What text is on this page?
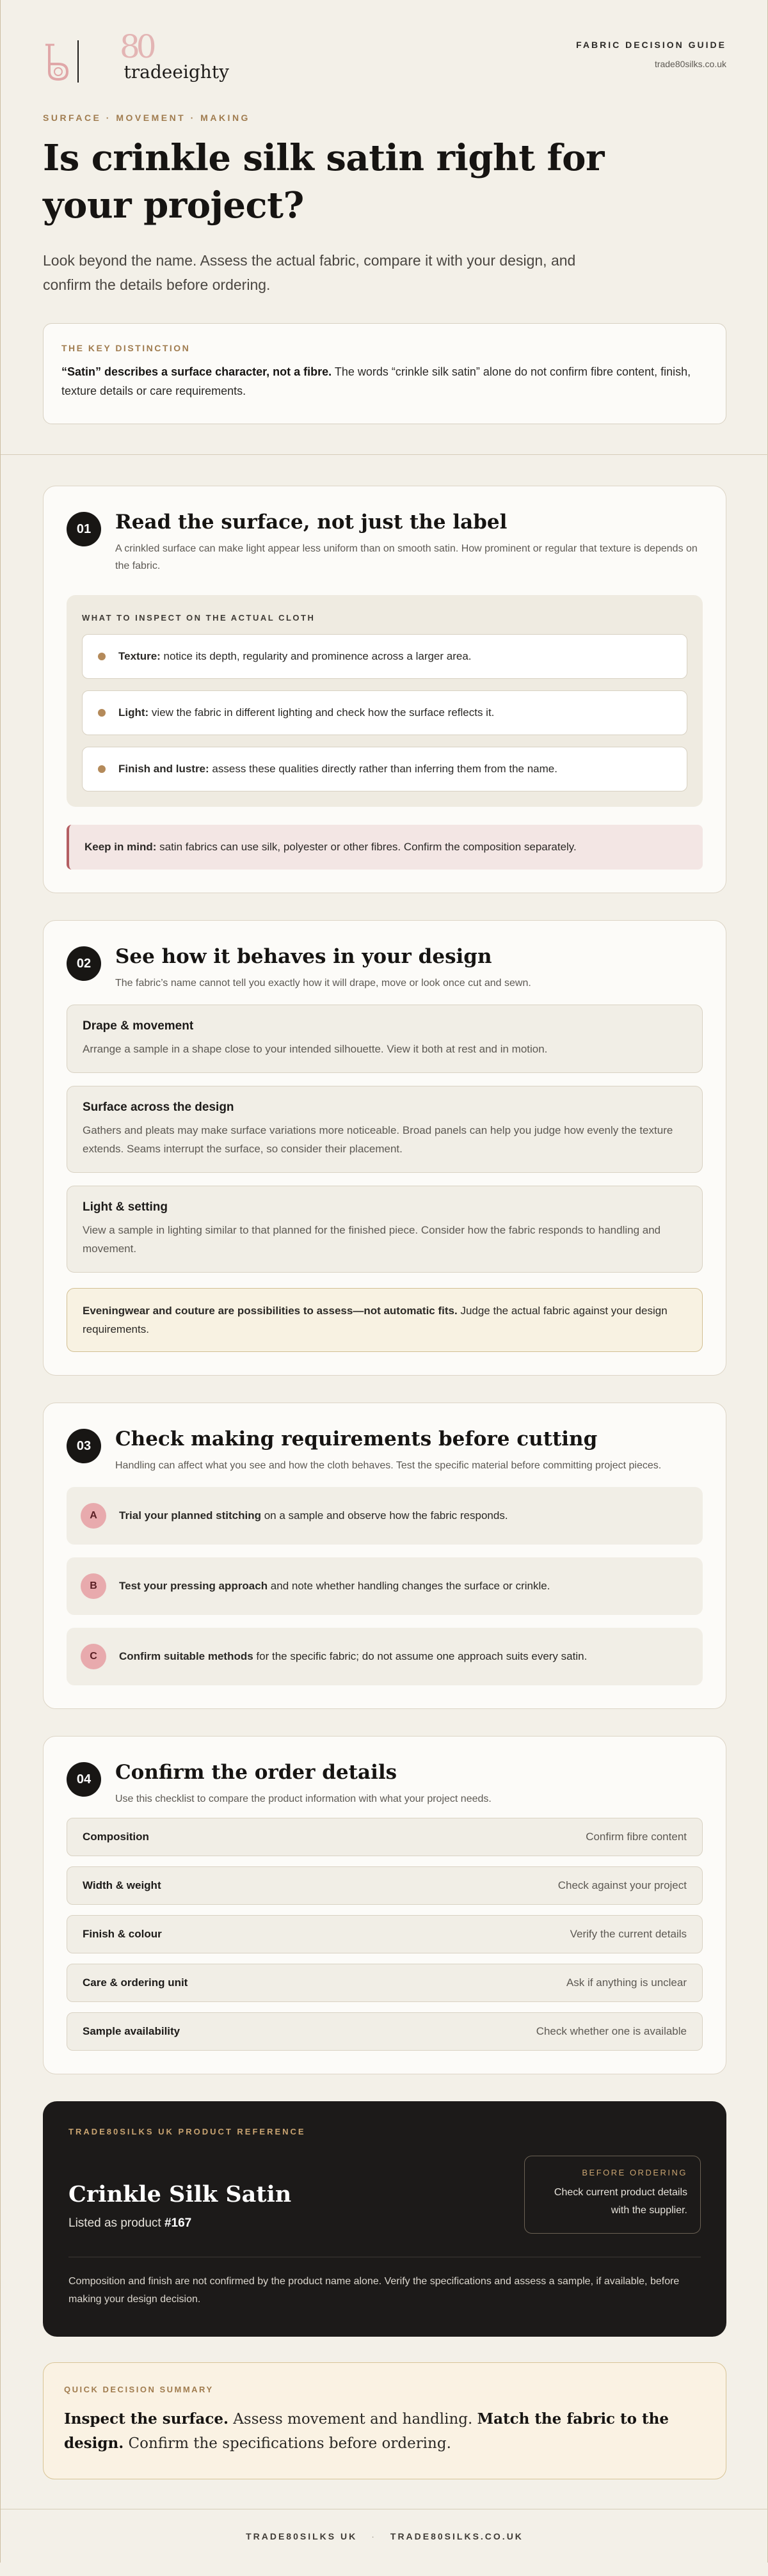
80 tradeeighty
FABRIC DECISION GUIDE
trade80silks.co.uk
SURFACE · MOVEMENT · MAKING
Is crinkle silk satin right for your project?

Look beyond the name. Assess the actual fabric, compare it with your design, and confirm the details before ordering.

THE KEY DISTINCTION

“Satin” describes a surface character, not a fibre. The words “crinkle silk satin” alone do not confirm fibre content, finish, texture details or care requirements.

01	Read the surface, not just the label

A crinkled surface can make light appear less uniform than on smooth satin. How prominent or regular that texture is depends on the fabric.

WHAT TO INSPECT ON THE ACTUAL CLOTH
Texture: notice its depth, regularity and prominence across a larger area.
Light: view the fabric in different lighting and check how the surface reflects it.
Finish and lustre: assess these qualities directly rather than inferring them from the name.
Keep in mind: satin fabrics can use silk, polyester or other fibres. Confirm the composition separately.
02	See how it behaves in your design

The fabric’s name cannot tell you exactly how it will drape, move or look once cut and sewn.

Drape & movement
Arrange a sample in a shape close to your intended silhouette. View it both at rest and in motion.
Surface across the design
Gathers and pleats may make surface variations more noticeable. Broad panels can help you judge how evenly the texture extends. Seams interrupt the surface, so consider their placement.
Light & setting
View a sample in lighting similar to that planned for the finished piece. Consider how the fabric responds to handling and movement.
Eveningwear and couture are possibilities to assess—not automatic fits. Judge the actual fabric against your design requirements.
03	Check making requirements before cutting

Handling can affect what you see and how the cloth behaves. Test the specific material before committing project pieces.

A	Trial your planned stitching on a sample and observe how the fabric responds.
B	Test your pressing approach and note whether handling changes the surface or crinkle.
C	Confirm suitable methods for the specific fabric; do not assume one approach suits every satin.
04	Confirm the order details

Use this checklist to compare the product information with what your project needs.

Composition	Confirm fibre content
Width & weight	Check against your project
Finish & colour	Verify the current details
Care & ordering unit	Ask if anything is unclear
Sample availability	Check whether one is available
TRADE80SILKS UK PRODUCT REFERENCE
Crinkle Silk Satin
Listed as product #167
BEFORE ORDERING
Check current product details with the supplier.

Composition and finish are not confirmed by the product name alone. Verify the specifications and assess a sample, if available, before making your design decision.

QUICK DECISION SUMMARY

Inspect the surface. Assess movement and handling. Match the fabric to the design. Confirm the specifications before ordering.

TRADE80SILKS UK · TRADE80SILKS.CO.UK
